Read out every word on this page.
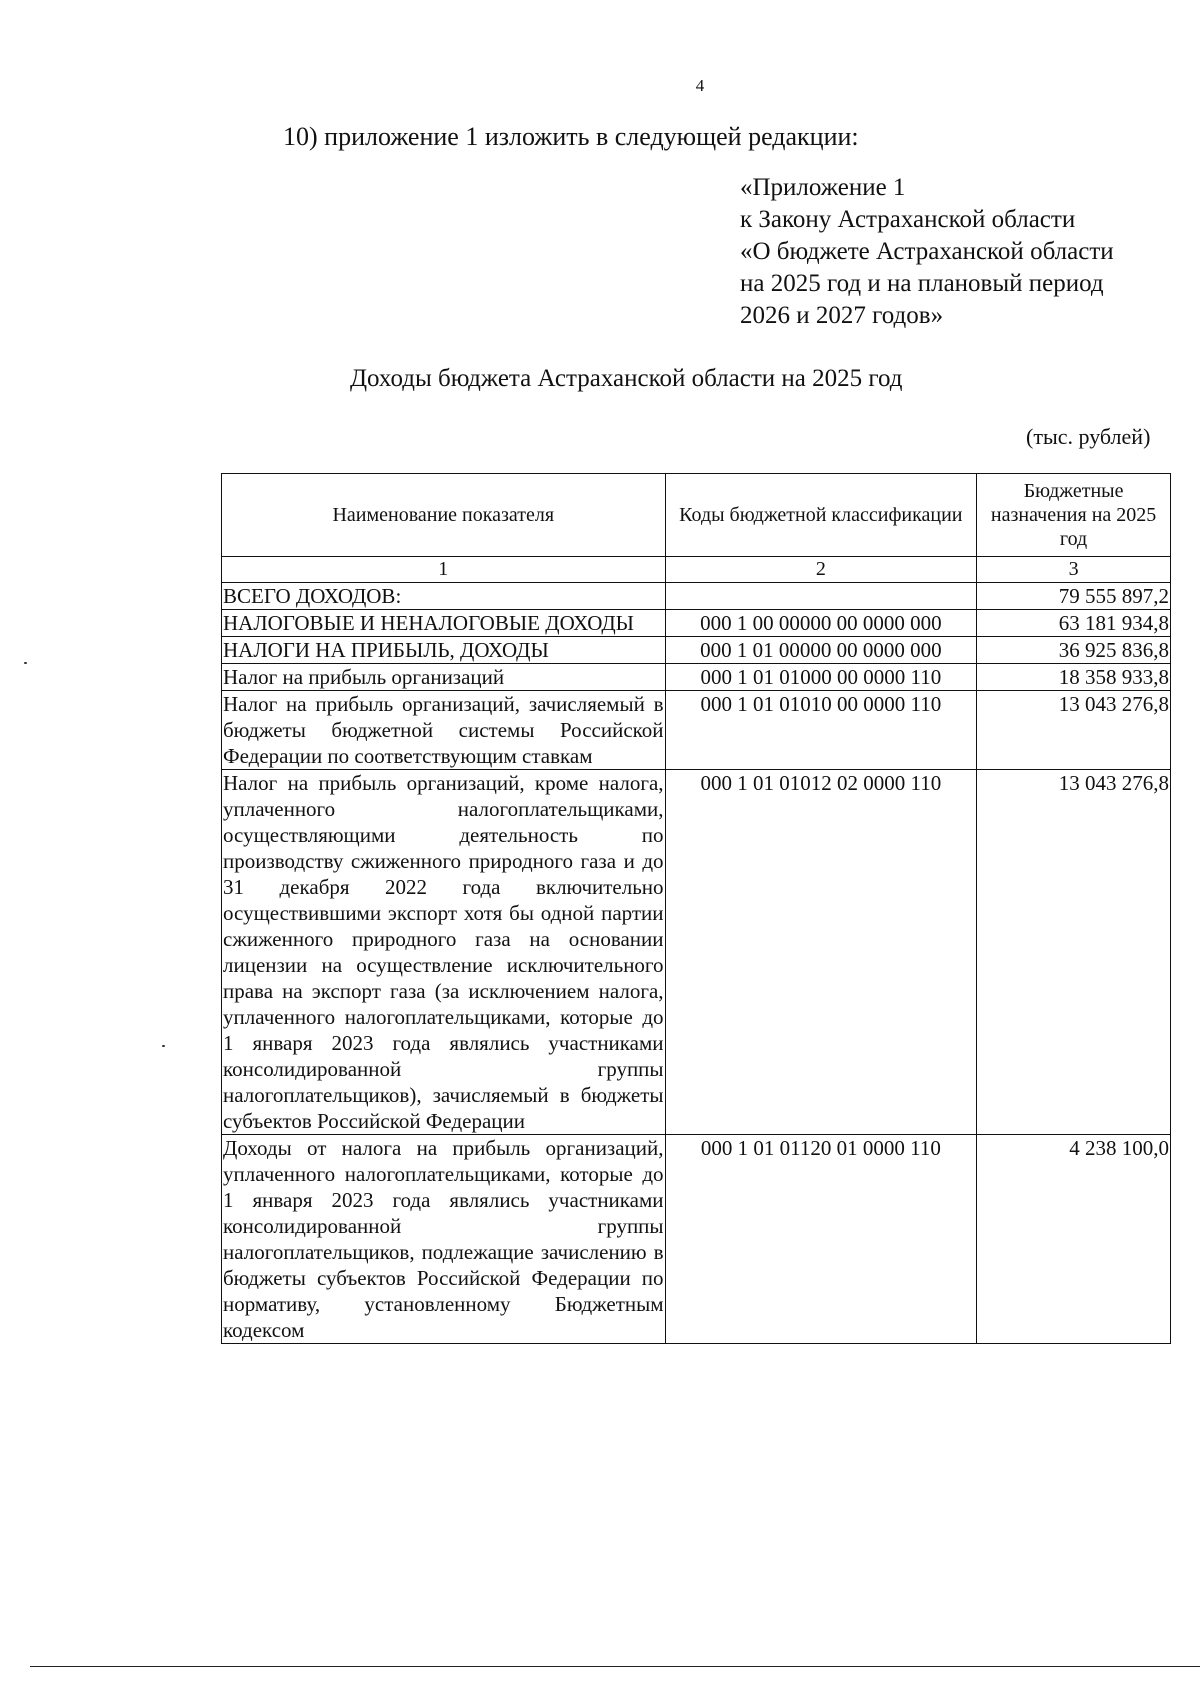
4
10) приложение 1 изложить в следующей редакции:
«Приложение 1
к Закону Астраханской области
«О бюджете Астраханской области
на 2025 год и на плановый период
2026 и 2027 годов»
Доходы бюджета Астраханской области на 2025 год
(тыс. рублей)
Наименование показателя	Коды бюджетной классификации	Бюджетные назначения на 2025 год
1	2	3
ВСЕГО ДОХОДОВ:		79 555 897,2
НАЛОГОВЫЕ И НЕНАЛОГОВЫЕ ДОХОДЫ	000 1 00 00000 00 0000 000	63 181 934,8
НАЛОГИ НА ПРИБЫЛЬ, ДОХОДЫ	000 1 01 00000 00 0000 000	36 925 836,8
Налог на прибыль организаций	000 1 01 01000 00 0000 110	18 358 933,8
Налог на прибыль организаций, зачисляемый в бюджеты бюджетной системы Российской Федерации по соответствующим ставкам	000 1 01 01010 00 0000 110	13 043 276,8
Налог на прибыль организаций, кроме налога, уплаченного налогоплательщиками, осуществляющими деятельность по производству сжиженного природного газа и до 31 декабря 2022 года включительно осуществившими экспорт хотя бы одной партии сжиженного природного газа на основании лицензии на осуществление исключительного права на экспорт газа (за исключением налога, уплаченного налогоплательщиками, которые до 1 января 2023 года являлись участниками консолидированной группы налогоплательщиков), зачисляемый в бюджеты субъектов Российской Федерации	000 1 01 01012 02 0000 110	13 043 276,8
Доходы от налога на прибыль организаций, уплаченного налогоплательщиками, которые до 1 января 2023 года являлись участниками консолидированной группы налогоплательщиков, подлежащие зачислению в бюджеты субъектов Российской Федерации по нормативу, установленному Бюджетным кодексом	000 1 01 01120 01 0000 110	4 238 100,0
